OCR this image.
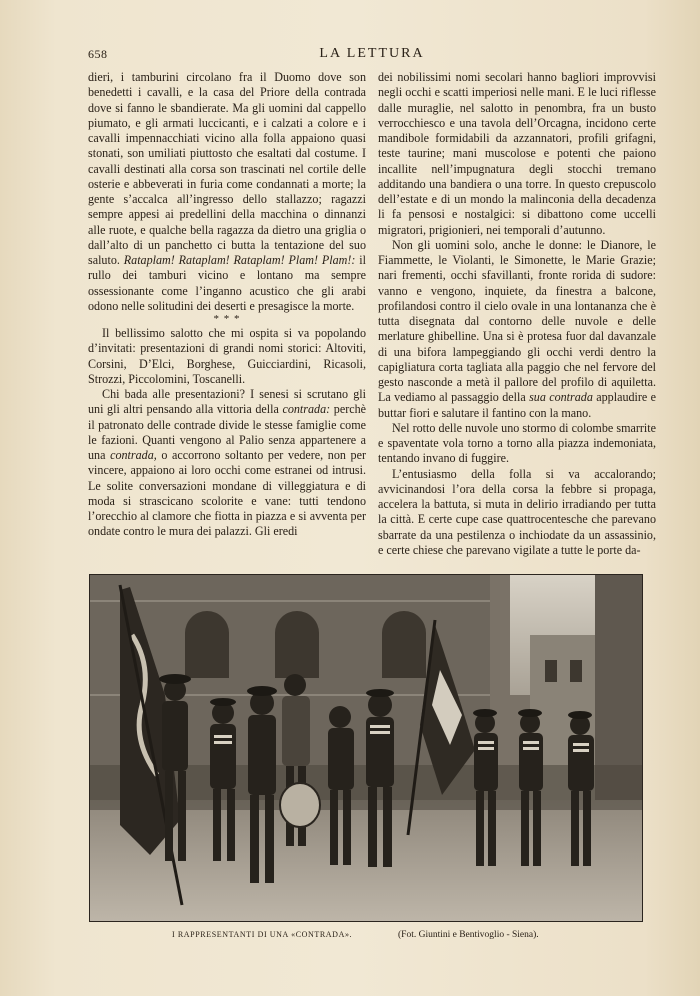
658	LA LETTURA

dieri, i tamburini circolano fra il Duomo dove son benedetti i cavalli, e la casa del Priore della contrada dove si fanno le sbandierate. Ma gli uomini dal cappello piumato, e gli armati luccicanti, e i calzati a colore e i cavalli impennacchiati vicino alla folla appaiono quasi stonati, son umiliati piuttosto che esaltati dal costume. I cavalli destinati alla corsa son trascinati nel cortile delle osterie e abbeverati in furia come condannati a morte; la gente s’accalca all’ingresso dello stallazzo; ragazzi sempre appesi ai predellini della macchina o dinnanzi alle ruote, e qualche bella ragazza da dietro una griglia o dall’alto di un panchetto ci butta la tentazione del suo saluto. Rataplam! Rataplam! Rataplam! Plam! Plam!: il rullo dei tamburi vicino e lontano ma sempre ossessionante come l’inganno acustico che gli arabi odono nelle solitudini dei deserti e presagisce la morte.

* * *

Il bellissimo salotto che mi ospita si va popolando d’invitati: presentazioni di grandi nomi storici: Altoviti, Corsini, D’Elci, Borghese, Guicciardini, Ricasoli, Strozzi, Piccolomini, Toscanelli.

Chi bada alle presentazioni? I senesi si scrutano gli uni gli altri pensando alla vittoria della contrada: perchè il patronato delle contrade divide le stesse famiglie come le fazioni. Quanti vengono al Palio senza appartenere a una contrada, o accorrono soltanto per vedere, non per vincere, appaiono ai loro occhi come estranei od intrusi. Le solite conversazioni mondane di villeggiatura e di moda si strascicano scolorite e vane: tutti tendono l’orecchio al clamore che fiotta in piazza e si avventa per ondate contro le mura dei palazzi. Gli eredi

dei nobilissimi nomi secolari hanno bagliori improvvisi negli occhi e scatti imperiosi nelle mani. E le luci riflesse dalle muraglie, nel salotto in penombra, fra un busto verrocchiesco e una tavola dell’Orcagna, incidono certe mandibole formidabili da azzannatori, profili grifagni, teste taurine; mani muscolose e potenti che paiono incallite nell’impugnatura degli stocchi tremano additando una bandiera o una torre. In questo crepuscolo dell’estate e di un mondo la malinconia della decadenza li fa pensosi e nostalgici: si dibattono come uccelli migratori, prigionieri, nei temporali d’autunno.

Non gli uomini solo, anche le donne: le Dianore, le Fiammette, le Violanti, le Simonette, le Marie Grazie; nari frementi, occhi sfavillanti, fronte rorida di sudore: vanno e vengono, inquiete, da finestra a balcone, profilandosi contro il cielo ovale in una lontananza che è tutta disegnata dal contorno delle nuvole e delle merlature ghibelline. Una si è protesa fuor dal davanzale di una bifora lampeggiando gli occhi verdi dentro la capigliatura corta tagliata alla paggio che nel fervore del gesto nasconde a metà il pallore del profilo di aquiletta. La vediamo al passaggio della sua contrada applaudire e buttar fiori e salutare il fantino con la mano.

Nel rotto delle nuvole uno stormo di colombe smarrite e spaventate vola torno a torno alla piazza indemoniata, tentando invano di fuggire.

L’entusiasmo della folla si va accalorando; avvicinandosi l’ora della corsa la febbre si propaga, accelera la battuta, si muta in delirio irradiando per tutta la città. E certe cupe case quattrocentesche che parevano sbarrate da una pestilenza o inchiodate da un assassinio, e certe chiese che parevano vigilate a tutte le porte da-

I RAPPRESENTANTI DI UNA «CONTRADA».	(Fot. Giuntini e Bentivoglio - Siena).
